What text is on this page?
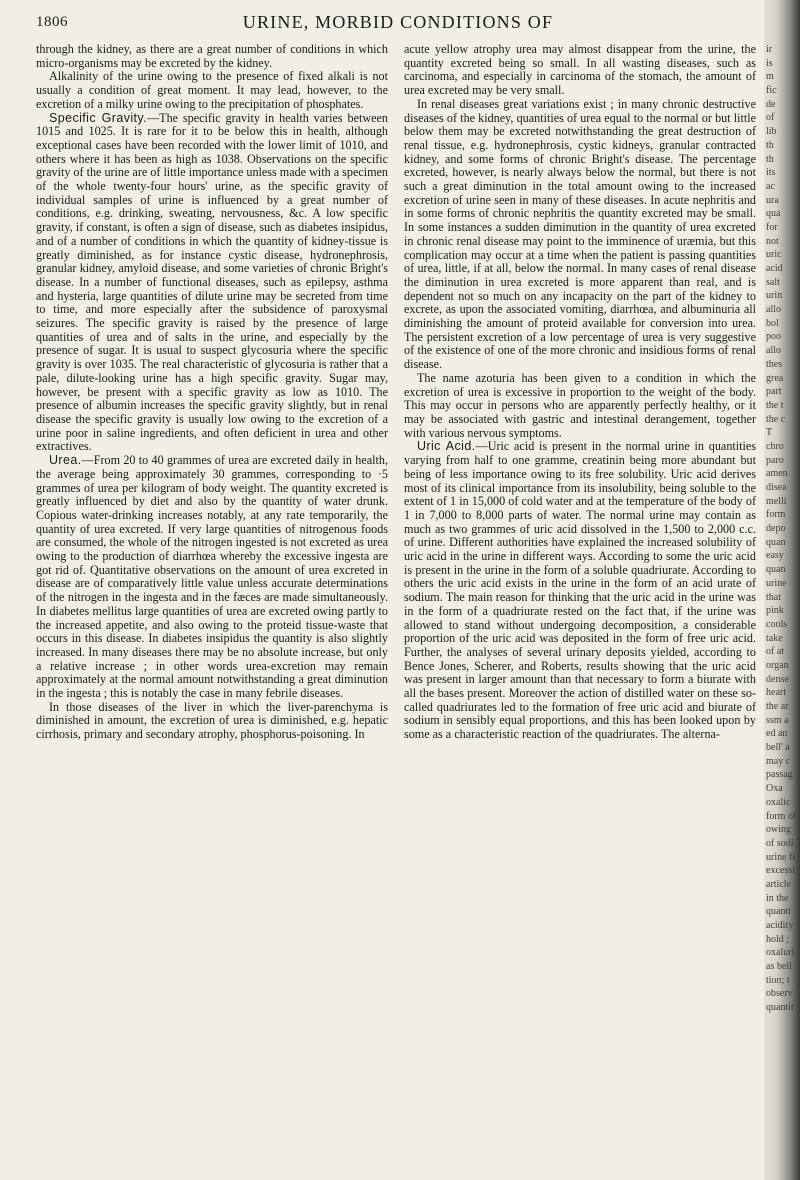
1806	URINE, MORBID CONDITIONS OF

through the kidney, as there are a great number of conditions in which micro-organisms may be excreted by the kidney.

Alkalinity of the urine owing to the presence of fixed alkali is not usually a condition of great moment. It may lead, however, to the excretion of a milky urine owing to the precipitation of phosphates.

Specific Gravity.—The specific gravity in health varies between 1015 and 1025. It is rare for it to be below this in health, although exceptional cases have been recorded with the lower limit of 1010, and others where it has been as high as 1038. Observations on the specific gravity of the urine are of little importance unless made with a specimen of the whole twenty-four hours' urine, as the specific gravity of individual samples of urine is influenced by a great number of conditions, e.g. drinking, sweating, nervousness, &c. A low specific gravity, if constant, is often a sign of disease, such as diabetes insipidus, and of a number of conditions in which the quantity of kidney-tissue is greatly diminished, as for instance cystic disease, hydronephrosis, granular kidney, amyloid disease, and some varieties of chronic Bright's disease. In a number of functional diseases, such as epilepsy, asthma and hysteria, large quantities of dilute urine may be secreted from time to time, and more especially after the subsidence of paroxysmal seizures. The specific gravity is raised by the presence of large quantities of urea and of salts in the urine, and especially by the presence of sugar. It is usual to suspect glycosuria where the specific gravity is over 1035. The real characteristic of glycosuria is rather that a pale, dilute-looking urine has a high specific gravity. Sugar may, however, be present with a specific gravity as low as 1010. The presence of albumin increases the specific gravity slightly, but in renal disease the specific gravity is usually low owing to the excretion of a urine poor in saline ingredients, and often deficient in urea and other extractives.

Urea.—From 20 to 40 grammes of urea are excreted daily in health, the average being approximately 30 grammes, corresponding to ·5 grammes of urea per kilogram of body weight. The quantity excreted is greatly influenced by diet and also by the quantity of water drunk. Copious water-drinking increases notably, at any rate temporarily, the quantity of urea excreted. If very large quantities of nitrogenous foods are consumed, the whole of the nitrogen ingested is not excreted as urea owing to the production of diarrhœa whereby the excessive ingesta are got rid of. Quantitative observations on the amount of urea excreted in disease are of comparatively little value unless accurate determinations of the nitrogen in the ingesta and in the fæces are made simultaneously. In diabetes mellitus large quantities of urea are excreted owing partly to the increased appetite, and also owing to the proteid tissue-waste that occurs in this disease. In diabetes insipidus the quantity is also slightly increased. In many diseases there may be no absolute increase, but only a relative increase ; in other words urea-excretion may remain approximately at the normal amount notwithstanding a great diminution in the ingesta ; this is notably the case in many febrile diseases.

In those diseases of the liver in which the liver-parenchyma is diminished in amount, the excretion of urea is diminished, e.g. hepatic cirrhosis, primary and secondary atrophy, phosphorus-poisoning. In

acute yellow atrophy urea may almost disappear from the urine, the quantity excreted being so small. In all wasting diseases, such as carcinoma, and especially in carcinoma of the stomach, the amount of urea excreted may be very small.

In renal diseases great variations exist ; in many chronic destructive diseases of the kidney, quantities of urea equal to the normal or but little below them may be excreted notwithstanding the great destruction of renal tissue, e.g. hydronephrosis, cystic kidneys, granular contracted kidney, and some forms of chronic Bright's disease. The percentage excreted, however, is nearly always below the normal, but there is not such a great diminution in the total amount owing to the increased excretion of urine seen in many of these diseases. In acute nephritis and in some forms of chronic nephritis the quantity excreted may be small. In some instances a sudden diminution in the quantity of urea excreted in chronic renal disease may point to the imminence of uræmia, but this complication may occur at a time when the patient is passing quantities of urea, little, if at all, below the normal. In many cases of renal disease the diminution in urea excreted is more apparent than real, and is dependent not so much on any incapacity on the part of the kidney to excrete, as upon the associated vomiting, diarrhœa, and albuminuria all diminishing the amount of proteid available for conversion into urea. The persistent excretion of a low percentage of urea is very suggestive of the existence of one of the more chronic and insidious forms of renal disease.

The name azoturia has been given to a condition in which the excretion of urea is excessive in proportion to the weight of the body. This may occur in persons who are apparently perfectly healthy, or it may be associated with gastric and intestinal derangement, together with various nervous symptoms.

Uric Acid.—Uric acid is present in the normal urine in quantities varying from half to one gramme, creatinin being more abundant but being of less importance owing to its free solubility. Uric acid derives most of its clinical importance from its insolubility, being soluble to the extent of 1 in 15,000 of cold water and at the temperature of the body of 1 in 7,000 to 8,000 parts of water. The normal urine may contain as much as two grammes of uric acid dissolved in the 1,500 to 2,000 c.c. of urine. Different authorities have explained the increased solubility of uric acid in the urine in different ways. According to some the uric acid is present in the urine in the form of a soluble quadriurate. According to others the uric acid exists in the urine in the form of an acid urate of sodium. The main reason for thinking that the uric acid in the urine was in the form of a quadriurate rested on the fact that, if the urine was allowed to stand without undergoing decomposition, a considerable proportion of the uric acid was deposited in the form of free uric acid. Further, the analyses of several urinary deposits yielded, according to Bence Jones, Scherer, and Roberts, results showing that the uric acid was present in larger amount than that necessary to form a biurate with all the bases present. Moreover the action of distilled water on these so-called quadriurates led to the formation of free uric acid and biurate of sodium in sensibly equal proportions, and this has been looked upon by some as a characteristic reaction of the quadriurates. The alterna-

ir
is
m
fic
de
of
lib
th
th
its
ac
ura
qua
for
not
uric
acid
salt
urin
allo
bol
poo
allo
thes
grea
part
the t
the c
T
chro
paro
amen
disea
melli
form
depo
quan
easy
quan
urine
that
pink
cools
take
of at
organ
dense
heart
the ar
ssm a
ed an
bell' a
may c
passag
Oxa
oxalic
form of
owing
of sodi
urine fi
excessi
article
in the
quanti
acidity
hold ;
oxaluri
as bell
tion; t
observ
quantit
